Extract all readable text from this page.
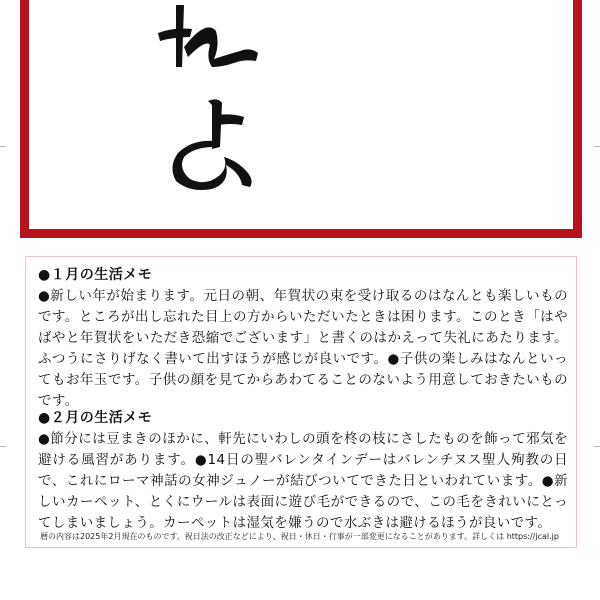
●１月の生活メモ

●新しい年が始まります。元日の朝、年賀状の束を受け取るのはなんとも楽しいものです。ところが出し忘れた目上の方からいただいたときは困ります。このとき「はやばやと年賀状をいただき恐縮でございます」と書くのはかえって失礼にあたります。ふつうにさりげなく書いて出すほうが感じが良いです。●子供の楽しみはなんといってもお年玉です。子供の顔を見てからあわてることのないよう用意しておきたいものです。

●２月の生活メモ

●節分には豆まきのほかに、軒先にいわしの頭を柊の枝にさしたものを飾って邪気を避ける風習があります。●14日の聖バレンタインデーはバレンチヌス聖人殉教の日で、これにローマ神話の女神ジュノーが結びついてできた日といわれています。●新しいカーペット、とくにウールは表面に遊び毛ができるので、この毛をきれいにとってしまいましょう。カーペットは湿気を嫌うので水ぶきは避けるほうが良いです。

暦の内容は2025年2月現在のものです。祝日法の改正などにより、祝日・休日・行事が一部変更になることがあります。詳しくは https://jcal.jp
